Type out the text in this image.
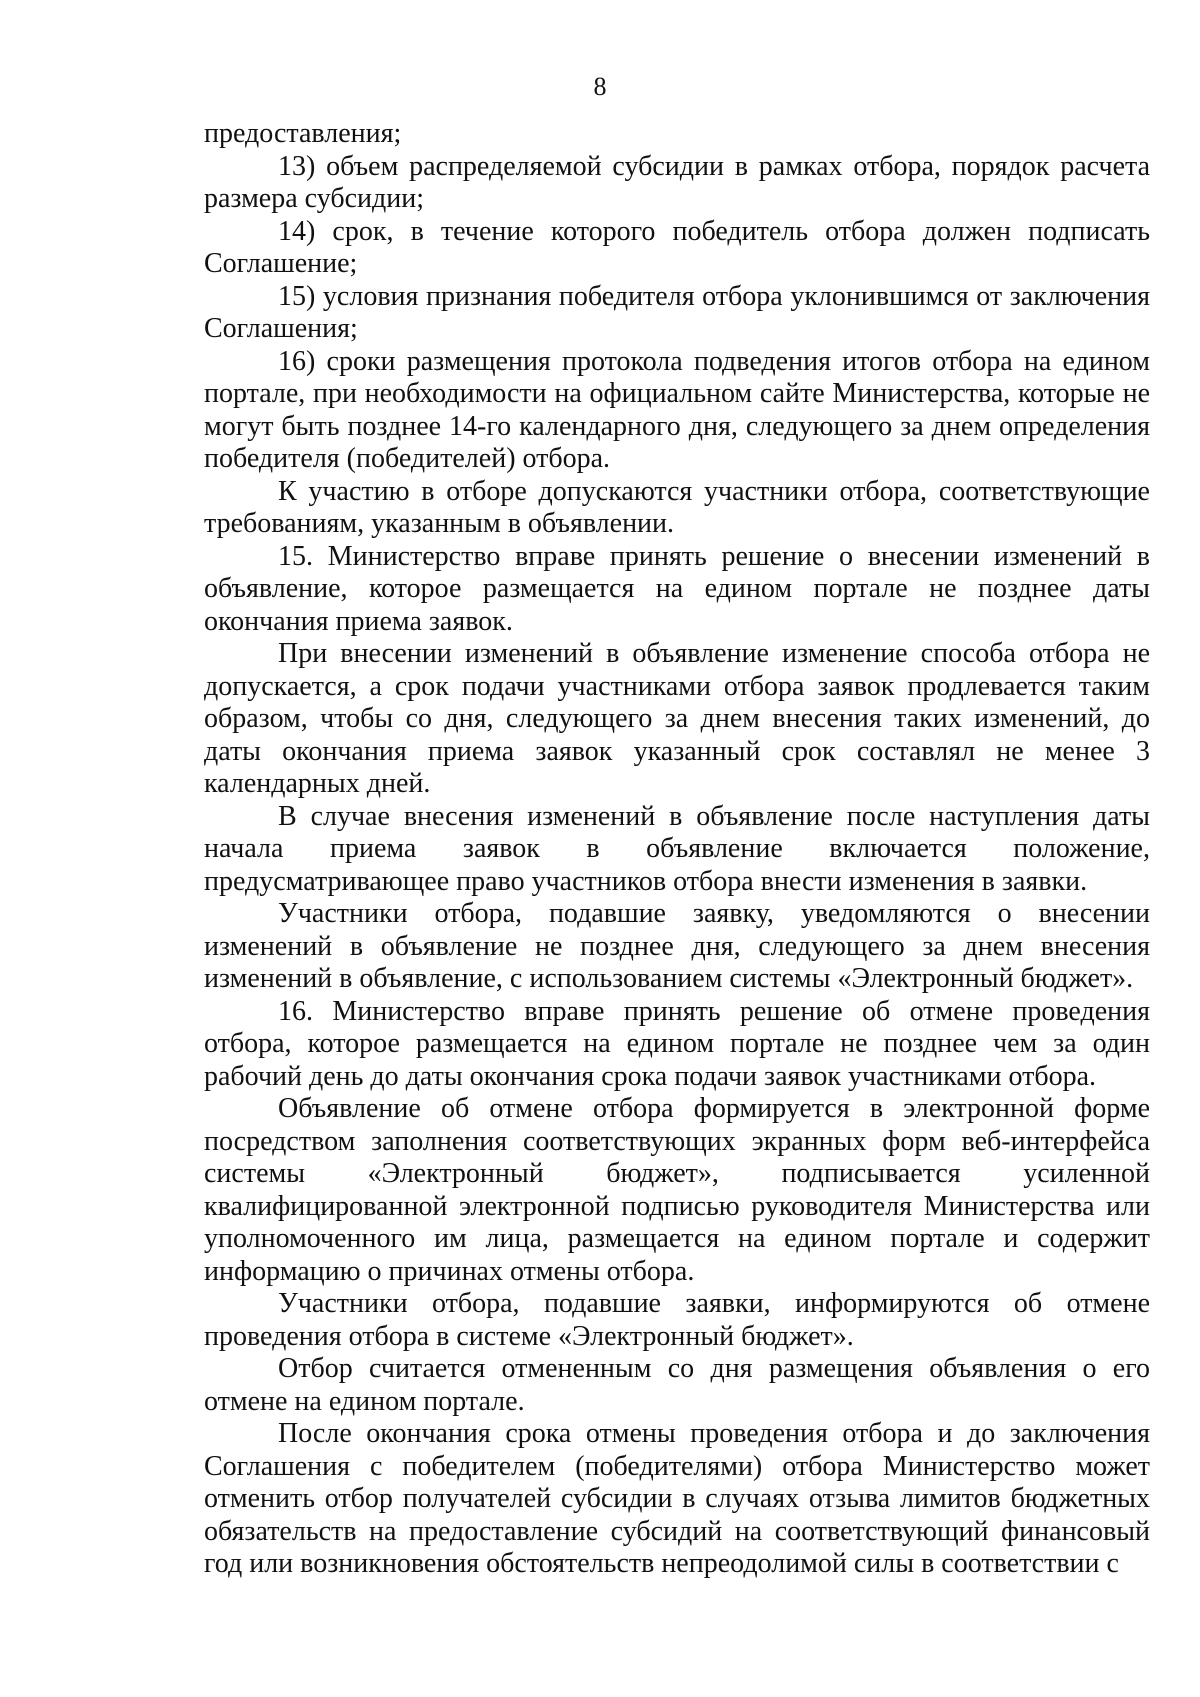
8

предоставления;

13) объем распределяемой субсидии в рамках отбора, порядок расчета размера субсидии;

14) срок, в течение которого победитель отбора должен подписать Соглашение;

15) условия признания победителя отбора уклонившимся от заключения Соглашения;

16) сроки размещения протокола подведения итогов отбора на едином портале, при необходимости на официальном сайте Министерства, которые не могут быть позднее 14-го календарного дня, следующего за днем определения победителя (победителей) отбора.

К участию в отборе допускаются участники отбора, соответствующие требованиям, указанным в объявлении.

15. Министерство вправе принять решение о внесении изменений в объявление, которое размещается на едином портале не позднее даты окончания приема заявок.

При внесении изменений в объявление изменение способа отбора не допускается, а срок подачи участниками отбора заявок продлевается таким образом, чтобы со дня, следующего за днем внесения таких изменений, до даты окончания приема заявок указанный срок составлял не менее 3 календарных дней.

В случае внесения изменений в объявление после наступления даты начала приема заявок в объявление включается положение, предусматривающее право участников отбора внести изменения в заявки.

Участники отбора, подавшие заявку, уведомляются о внесении изменений в объявление не позднее дня, следующего за днем внесения изменений в объявление, с использованием системы «Электронный бюджет».

16. Министерство вправе принять решение об отмене проведения отбора, которое размещается на едином портале не позднее чем за один рабочий день до даты окончания срока подачи заявок участниками отбора.

Объявление об отмене отбора формируется в электронной форме посредством заполнения соответствующих экранных форм веб-интерфейса системы «Электронный бюджет», подписывается усиленной квалифицированной электронной подписью руководителя Министерства или уполномоченного им лица, размещается на едином портале и содержит информацию о причинах отмены отбора.

Участники отбора, подавшие заявки, информируются об отмене проведения отбора в системе «Электронный бюджет».

Отбор считается отмененным со дня размещения объявления о его отмене на едином портале.

После окончания срока отмены проведения отбора и до заключения Соглашения с победителем (победителями) отбора Министерство может отменить отбор получателей субсидии в случаях отзыва лимитов бюджетных обязательств на предоставление субсидий на соответствующий финансовый год или возникновения обстоятельств непреодолимой силы в соответствии с
